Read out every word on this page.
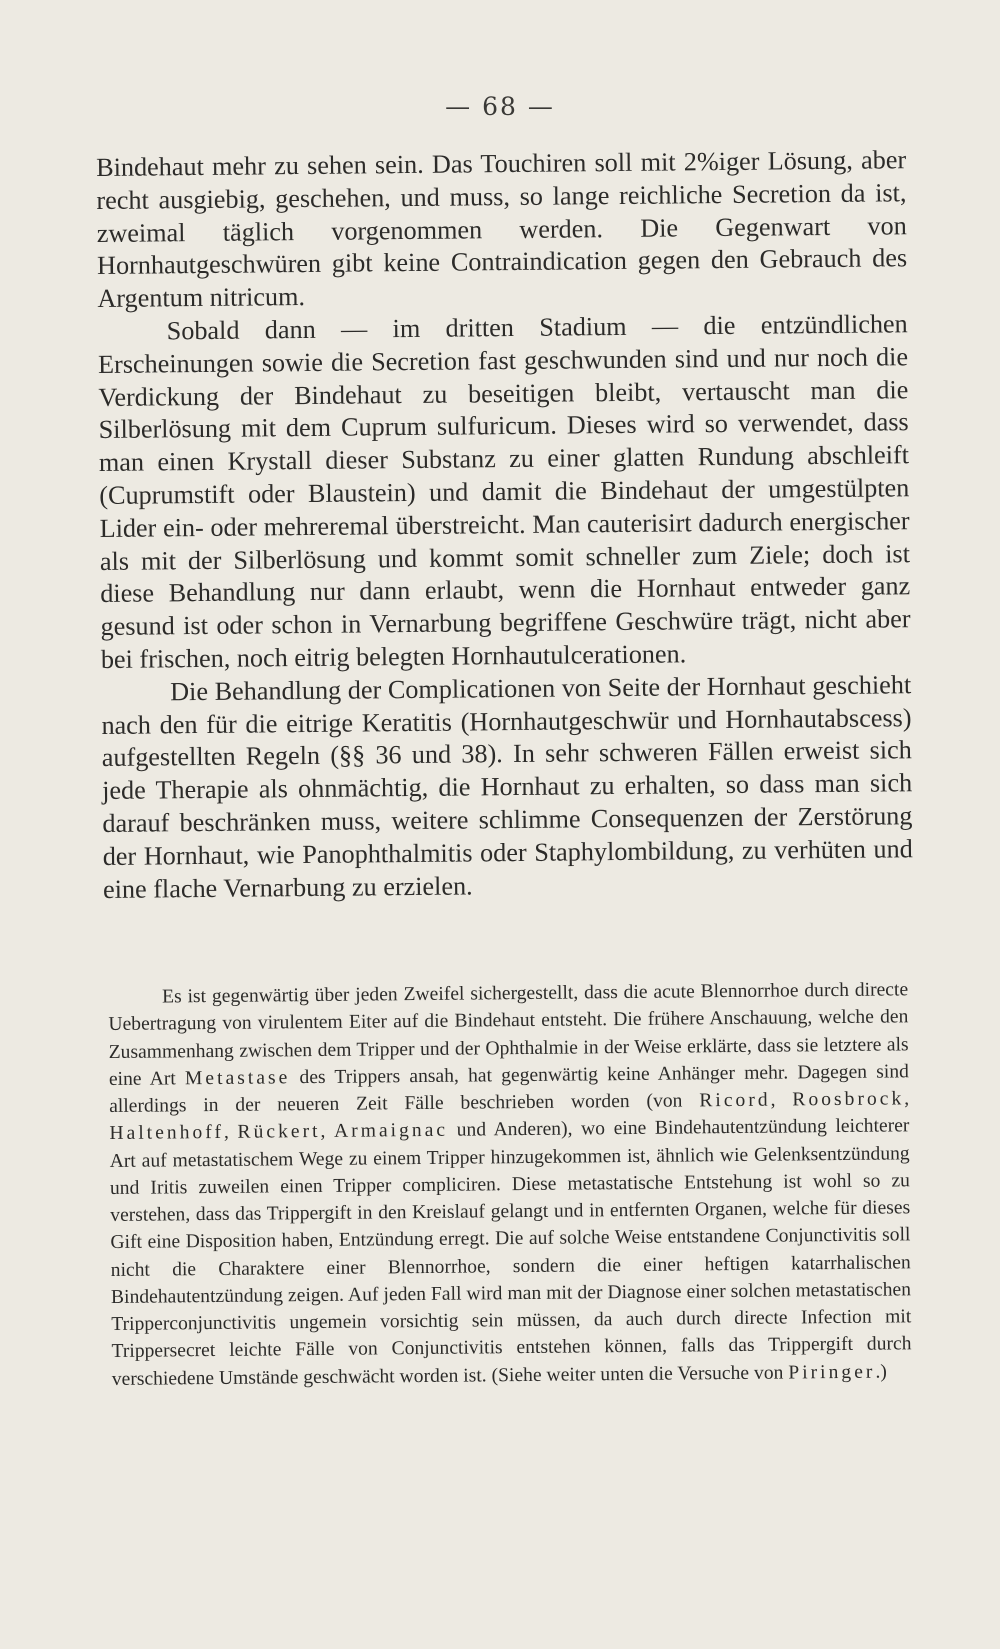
— 68 —

Bindehaut mehr zu sehen sein. Das Touchiren soll mit 2%iger Lösung, aber recht ausgiebig, geschehen, und muss, so lange reichliche Secretion da ist, zweimal täglich vorgenommen werden. Die Gegenwart von Hornhautgeschwüren gibt keine Contraindication gegen den Gebrauch des Argentum nitricum.

Sobald dann — im dritten Stadium — die entzündlichen Erscheinungen sowie die Secretion fast geschwunden sind und nur noch die Verdickung der Bindehaut zu beseitigen bleibt, vertauscht man die Silberlösung mit dem Cuprum sulfuricum. Dieses wird so verwendet, dass man einen Krystall dieser Substanz zu einer glatten Rundung abschleift (Cuprumstift oder Blaustein) und damit die Bindehaut der umgestülpten Lider ein- oder mehreremal überstreicht. Man cauterisirt dadurch energischer als mit der Silberlösung und kommt somit schneller zum Ziele; doch ist diese Behandlung nur dann erlaubt, wenn die Hornhaut entweder ganz gesund ist oder schon in Vernarbung begriffene Geschwüre trägt, nicht aber bei frischen, noch eitrig belegten Hornhautulcerationen.

Die Behandlung der Complicationen von Seite der Hornhaut geschieht nach den für die eitrige Keratitis (Hornhautgeschwür und Hornhautabscess) aufgestellten Regeln (§§ 36 und 38). In sehr schweren Fällen erweist sich jede Therapie als ohnmächtig, die Hornhaut zu erhalten, so dass man sich darauf beschränken muss, weitere schlimme Consequenzen der Zerstörung der Hornhaut, wie Panophthalmitis oder Staphylombildung, zu verhüten und eine flache Vernarbung zu erzielen.

Es ist gegenwärtig über jeden Zweifel sichergestellt, dass die acute Blennorrhoe durch directe Uebertragung von virulentem Eiter auf die Bindehaut entsteht. Die frühere Anschauung, welche den Zusammenhang zwischen dem Tripper und der Ophthalmie in der Weise erklärte, dass sie letztere als eine Art Metastase des Trippers ansah, hat gegenwärtig keine Anhänger mehr. Dagegen sind allerdings in der neueren Zeit Fälle beschrieben worden (von Ricord, Roosbrock, Haltenhoff, Rückert, Armaignac und Anderen), wo eine Bindehautentzündung leichterer Art auf metastatischem Wege zu einem Tripper hinzugekommen ist, ähnlich wie Gelenksentzündung und Iritis zuweilen einen Tripper compliciren. Diese metastatische Entstehung ist wohl so zu verstehen, dass das Trippergift in den Kreislauf gelangt und in entfernten Organen, welche für dieses Gift eine Disposition haben, Entzündung erregt. Die auf solche Weise entstandene Conjunctivitis soll nicht die Charaktere einer Blennorrhoe, sondern die einer heftigen katarrhalischen Bindehautentzündung zeigen. Auf jeden Fall wird man mit der Diagnose einer solchen metastatischen Tripperconjunctivitis ungemein vorsichtig sein müssen, da auch durch directe Infection mit Trippersecret leichte Fälle von Conjunctivitis entstehen können, falls das Trippergift durch verschiedene Umstände geschwächt worden ist. (Siehe weiter unten die Versuche von Piringer.)
